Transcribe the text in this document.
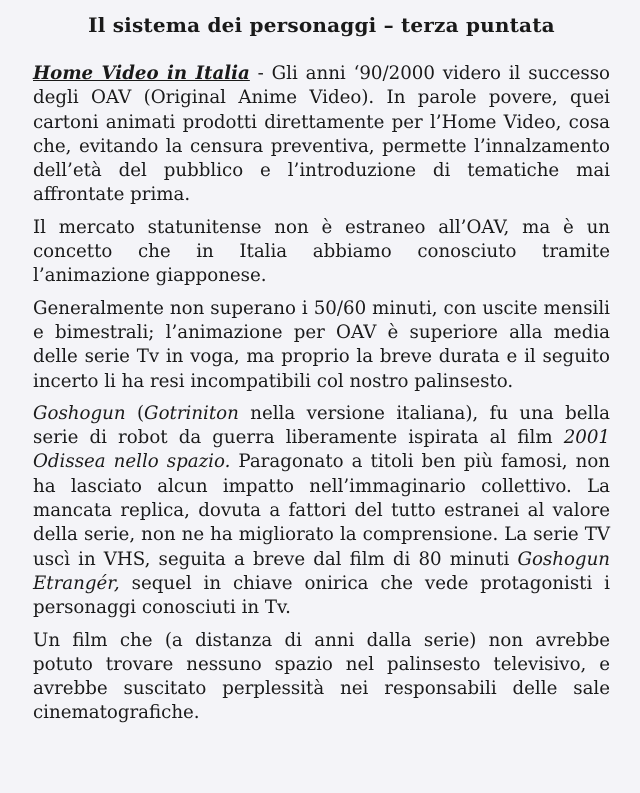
Il sistema dei personaggi – terza puntata

Home Video in Italia - Gli anni ‘90/2000 videro il successo degli OAV (Original Anime Video). In parole povere, quei cartoni animati prodotti direttamente per l’Home Video, cosa che, evitando la censura preventiva, permette l’innalzamento dell’età del pubblico e l’introduzione di tematiche mai affrontate prima.

Il mercato statunitense non è estraneo all’OAV, ma è un concetto che in Italia abbiamo conosciuto tramite l’animazione giapponese.

Generalmente non superano i 50/60 minuti, con uscite mensili e bimestrali; l’animazione per OAV è superiore alla media delle serie Tv in voga, ma proprio la breve durata e il seguito incerto li ha resi incompatibili col nostro palinsesto.

Goshogun (Gotriniton nella versione italiana), fu una bella serie di robot da guerra liberamente ispirata al film 2001 Odissea nello spazio. Paragonato a titoli ben più famosi, non ha lasciato alcun impatto nell’immaginario collettivo. La mancata replica, dovuta a fattori del tutto estranei al valore della serie, non ne ha migliorato la comprensione. La serie TV uscì in VHS, seguita a breve dal film di 80 minuti Goshogun Etrangér, sequel in chiave onirica che vede protagonisti i personaggi conosciuti in Tv.

Un film che (a distanza di anni dalla serie) non avrebbe potuto trovare nessuno spazio nel palinsesto televisivo, e avrebbe suscitato perplessità nei responsabili delle sale cinematografiche.
